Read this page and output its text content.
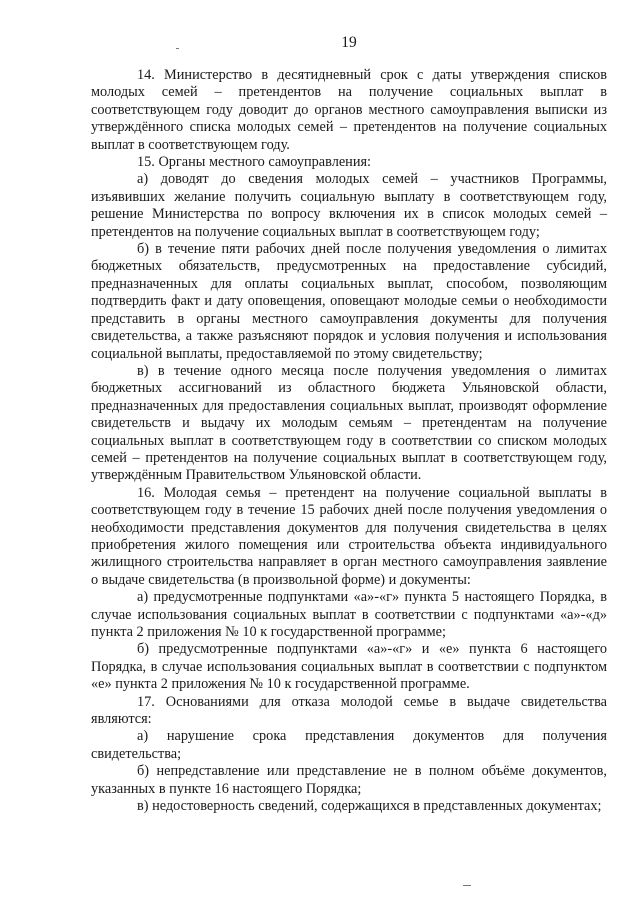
19

14. Министерство в десятидневный срок с даты утверждения списков молодых семей – претендентов на получение социальных выплат в соответствующем году доводит до органов местного самоуправления выписки из утверждённого списка молодых семей – претендентов на получение социальных выплат в соответствующем году.

15. Органы местного самоуправления:

а) доводят до сведения молодых семей – участников Программы, изъявивших желание получить социальную выплату в соответствующем году, решение Министерства по вопросу включения их в список молодых семей – претендентов на получение социальных выплат в соответствующем году;

б) в течение пяти рабочих дней после получения уведомления о лимитах бюджетных обязательств, предусмотренных на предоставление субсидий, предназначенных для оплаты социальных выплат, способом, позволяющим подтвердить факт и дату оповещения, оповещают молодые семьи о необходимости представить в органы местного самоуправления документы для получения свидетельства, а также разъясняют порядок и условия получения и использования социальной выплаты, предоставляемой по этому свидетельству;

в) в течение одного месяца после получения уведомления о лимитах бюджетных ассигнований из областного бюджета Ульяновской области, предназначенных для предоставления социальных выплат, производят оформление свидетельств и выдачу их молодым семьям – претендентам на получение социальных выплат в соответствующем году в соответствии со списком молодых семей – претендентов на получение социальных выплат в соответствующем году, утверждённым Правительством Ульяновской области.

16. Молодая семья – претендент на получение социальной выплаты в соответствующем году в течение 15 рабочих дней после получения уведомления о необходимости представления документов для получения свидетельства в целях приобретения жилого помещения или строительства объекта индивидуального жилищного строительства направляет в орган местного самоуправления заявление о выдаче свидетельства (в произвольной форме) и документы:

а) предусмотренные подпунктами «а»-«г» пункта 5 настоящего Порядка, в случае использования социальных выплат в соответствии с подпунктами «а»-«д» пункта 2 приложения № 10 к государственной программе;

б) предусмотренные подпунктами «а»-«г» и «е» пункта 6 настоящего Порядка, в случае использования социальных выплат в соответствии с подпунктом «е» пункта 2 приложения № 10 к государственной программе.

17. Основаниями для отказа молодой семье в выдаче свидетельства являются:

а) нарушение срока представления документов для получения свидетельства;

б) непредставление или представление не в полном объёме документов, указанных в пункте 16 настоящего Порядка;

в) недостоверность сведений, содержащихся в представленных документах;
